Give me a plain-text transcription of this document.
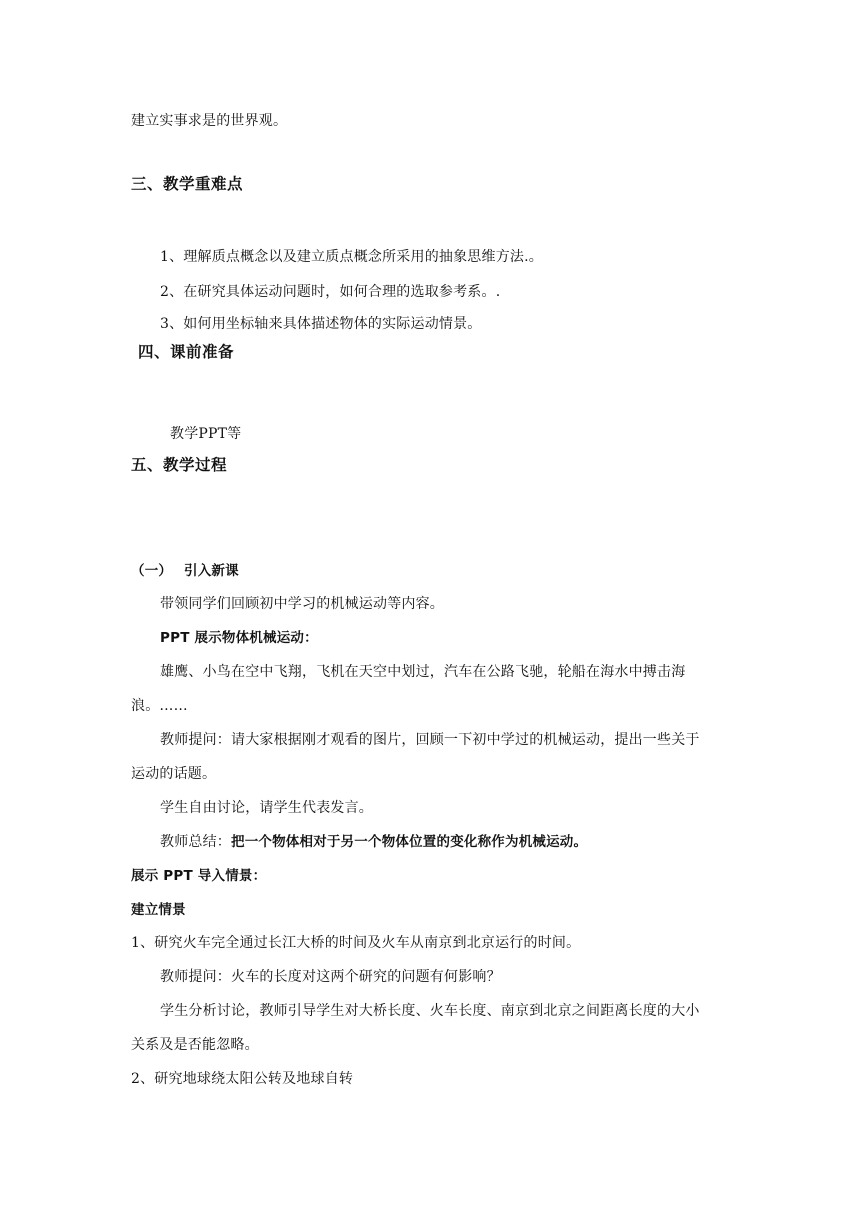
建立实事求是的世界观。
三、教学重难点
1、理解质点概念以及建立质点概念所采用的抽象思维方法.。
2、在研究具体运动问题时，如何合理的选取参考系。.
3、如何用坐标轴来具体描述物体的实际运动情景。
四、课前准备
教学PPT等
五、教学过程
（一） 引入新课
带领同学们回顾初中学习的机械运动等内容。
PPT 展示物体机械运动：
雄鹰、小鸟在空中飞翔，飞机在天空中划过，汽车在公路飞驰，轮船在海水中搏击海
浪。……
教师提问：请大家根据刚才观看的图片，回顾一下初中学过的机械运动，提出一些关于
运动的话题。
学生自由讨论，请学生代表发言。
教师总结：把一个物体相对于另一个物体位置的变化称作为机械运动。
展示 PPT 导入情景：
建立情景
1、研究火车完全通过长江大桥的时间及火车从南京到北京运行的时间。
教师提问：火车的长度对这两个研究的问题有何影响？
学生分析讨论，教师引导学生对大桥长度、火车长度、南京到北京之间距离长度的大小
关系及是否能忽略。
2、研究地球绕太阳公转及地球自转
